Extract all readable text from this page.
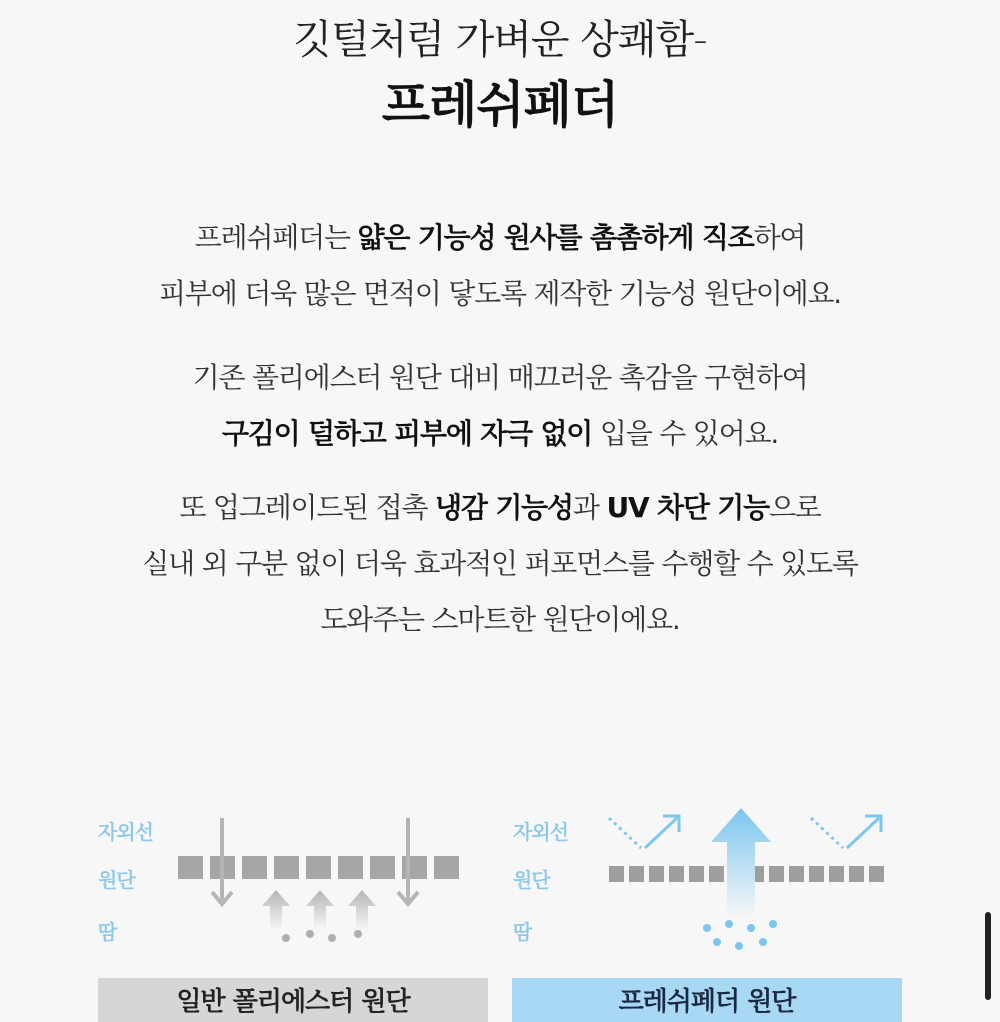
깃털처럼 가벼운 상쾌함-
프레쉬페더
프레쉬페더는 얇은 기능성 원사를 촘촘하게 직조하여
피부에 더욱 많은 면적이 닿도록 제작한 기능성 원단이에요.
기존 폴리에스터 원단 대비 매끄러운 촉감을 구현하여
구김이 덜하고 피부에 자극 없이 입을 수 있어요.
또 업그레이드된 접촉 냉감 기능성과 UV 차단 기능으로
실내 외 구분 없이 더욱 효과적인 퍼포먼스를 수행할 수 있도록
도와주는 스마트한 원단이에요.
자외선
원단
땀
자외선
원단
땀
일반 폴리에스터 원단	프레쉬페더 원단
